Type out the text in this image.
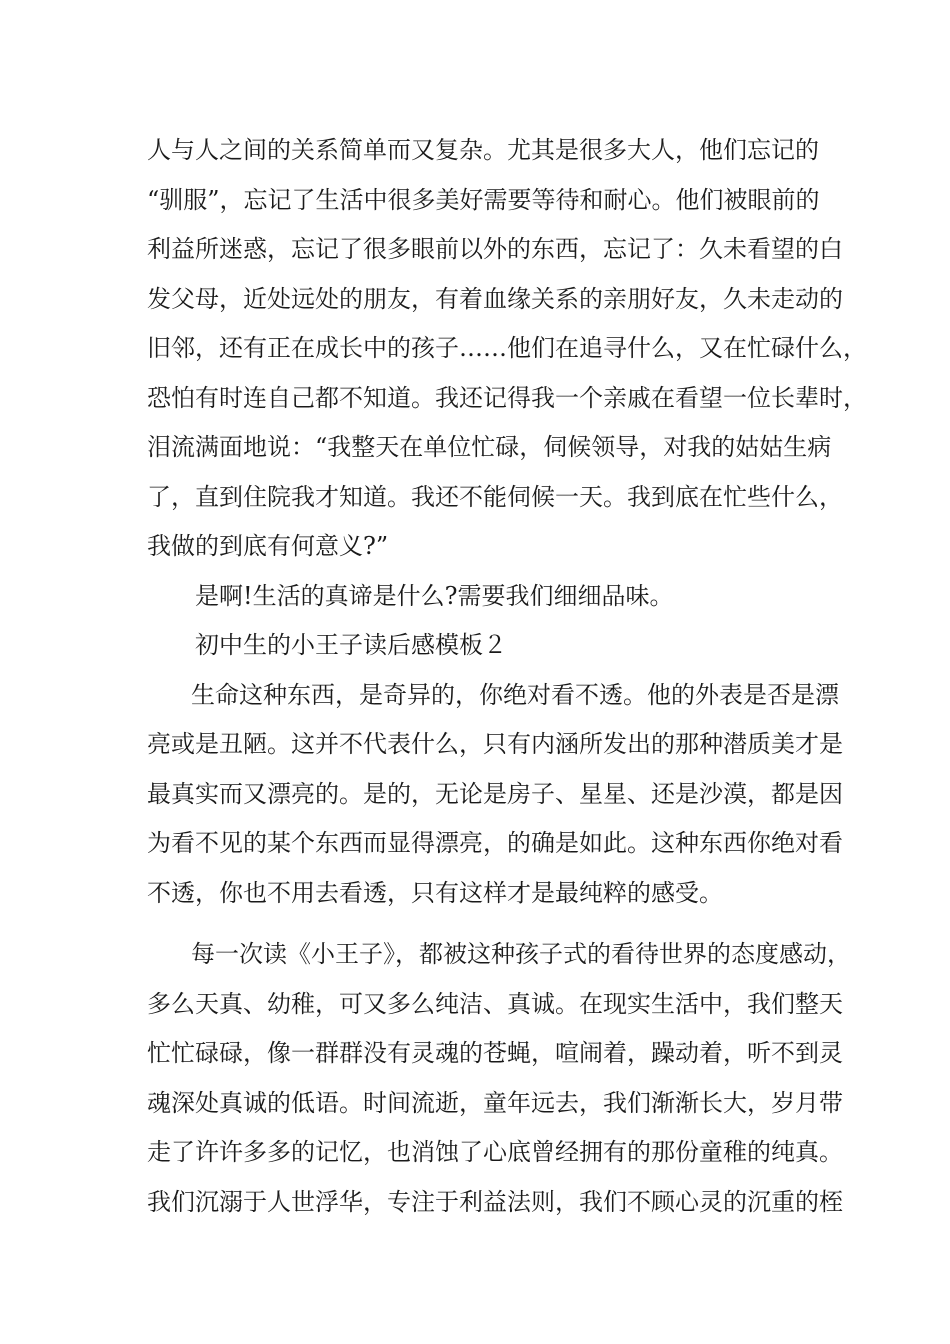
人与人之间的关系简单而又复杂。尤其是很多大人，他们忘记的
“驯服”，忘记了生活中很多美好需要等待和耐心。他们被眼前的
利益所迷惑，忘记了很多眼前以外的东西，忘记了：久未看望的白
发父母，近处远处的朋友，有着血缘关系的亲朋好友，久未走动的
旧邻，还有正在成长中的孩子……他们在追寻什么，又在忙碌什么，
恐怕有时连自己都不知道。我还记得我一个亲戚在看望一位长辈时，
泪流满面地说：“我整天在单位忙碌，伺候领导，对我的姑姑生病
了，直到住院我才知道。我还不能伺候一天。我到底在忙些什么，
我做的到底有何意义?”
是啊!生活的真谛是什么?需要我们细细品味。
初中生的小王子读后感模板２
生命这种东西，是奇异的，你绝对看不透。他的外表是否是漂
亮或是丑陋。这并不代表什么，只有内涵所发出的那种潜质美才是
最真实而又漂亮的。是的，无论是房子、星星、还是沙漠，都是因
为看不见的某个东西而显得漂亮，的确是如此。这种东西你绝对看
不透，你也不用去看透，只有这样才是最纯粹的感受。
每一次读《小王子》，都被这种孩子式的看待世界的态度感动，
多么天真、幼稚，可又多么纯洁、真诚。在现实生活中，我们整天
忙忙碌碌，像一群群没有灵魂的苍蝇，喧闹着，躁动着，听不到灵
魂深处真诚的低语。时间流逝，童年远去，我们渐渐长大，岁月带
走了许许多多的记忆，也消蚀了心底曾经拥有的那份童稚的纯真。
我们沉溺于人世浮华，专注于利益法则，我们不顾心灵的沉重的桎
